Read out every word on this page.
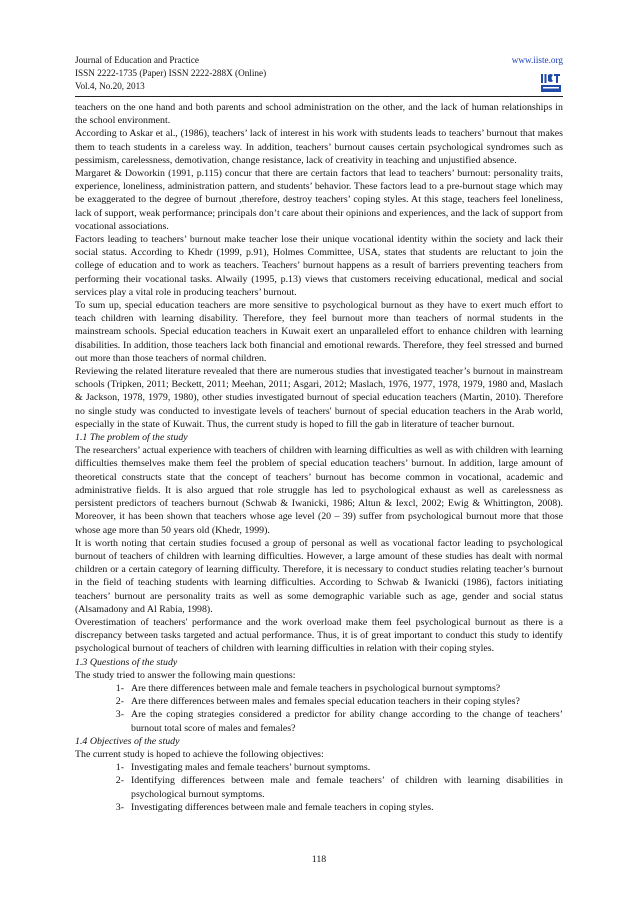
Journal of Education and Practice
ISSN 2222-1735 (Paper) ISSN 2222-288X (Online)
Vol.4, No.20, 2013
www.iiste.org

teachers on the one hand and both parents and school administration on the other, and the lack of human relationships in the school environment.

According to Askar et al., (1986), teachers’ lack of interest in his work with students leads to teachers’ burnout that makes them to teach students in a careless way. In addition, teachers’ burnout causes certain psychological syndromes such as pessimism, carelessness, demotivation, change resistance, lack of creativity in teaching and unjustified absence.

Margaret & Doworkin (1991, p.115) concur that there are certain factors that lead to teachers’ burnout: personality traits, experience, loneliness, administration pattern, and students’ behavior. These factors lead to a pre-burnout stage which may be exaggerated to the degree of burnout ,therefore, destroy teachers’ coping styles. At this stage, teachers feel loneliness, lack of support, weak performance; principals don’t care about their opinions and experiences, and the lack of support from vocational associations.

Factors leading to teachers’ burnout make teacher lose their unique vocational identity within the society and lack their social status. According to Khedr (1999, p.91), Holmes Committee, USA, states that students are reluctant to join the college of education and to work as teachers. Teachers’ burnout happens as a result of barriers preventing teachers from performing their vocational tasks. Alwaily (1995, p.13) views that customers receiving educational, medical and social services play a vital role in producing teachers’ burnout.

To sum up, special education teachers are more sensitive to psychological burnout as they have to exert much effort to teach children with learning disability. Therefore, they feel burnout more than teachers of normal students in the mainstream schools. Special education teachers in Kuwait exert an unparalleled effort to enhance children with learning disabilities. In addition, those teachers lack both financial and emotional rewards. Therefore, they feel stressed and burned out more than those teachers of normal children.

Reviewing the related literature revealed that there are numerous studies that investigated teacher’s burnout in mainstream schools (Tripken, 2011; Beckett, 2011; Meehan, 2011; Asgari, 2012; Maslach, 1976, 1977, 1978, 1979, 1980 and, Maslach & Jackson, 1978, 1979, 1980), other studies investigated burnout of special education teachers (Martin, 2010). Therefore no single study was conducted to investigate levels of teachers' burnout of special education teachers in the Arab world, especially in the state of Kuwait. Thus, the current study is hoped to fill the gab in literature of teacher burnout.

1.1 The problem of the study

The researchers’ actual experience with teachers of children with learning difficulties as well as with children with learning difficulties themselves make them feel the problem of special education teachers’ burnout. In addition, large amount of theoretical constructs state that the concept of teachers’ burnout has become common in vocational, academic and administrative fields. It is also argued that role struggle has led to psychological exhaust as well as carelessness as persistent predictors of teachers burnout (Schwab & Iwanicki, 1986; Altun & Iexcl, 2002; Ewig & Whittington, 2008). Moreover, it has been shown that teachers whose age level (20 – 39) suffer from psychological burnout more that those whose age more than 50 years old (Khedr, 1999).

It is worth noting that certain studies focused a group of personal as well as vocational factor leading to psychological burnout of teachers of children with learning difficulties. However, a large amount of these studies has dealt with normal children or a certain category of learning difficulty. Therefore, it is necessary to conduct studies relating teacher’s burnout in the field of teaching students with learning difficulties. According to Schwab & Iwanicki (1986), factors initiating teachers’ burnout are personality traits as well as some demographic variable such as age, gender and social status (Alsamadony and Al Rabia, 1998).

Overestimation of teachers' performance and the work overload make them feel psychological burnout as there is a discrepancy between tasks targeted and actual performance. Thus, it is of great important to conduct this study to identify psychological burnout of teachers of children with learning difficulties in relation with their coping styles.

1.3 Questions of the study

The study tried to answer the following main questions:

1- Are there differences between male and female teachers in psychological burnout symptoms?
2- Are there differences between males and females special education teachers in their coping styles?
3- Are the coping strategies considered a predictor for ability change according to the change of teachers’ burnout total score of males and females?

1.4 Objectives of the study

The current study is hoped to achieve the following objectives:

1- Investigating males and female teachers’ burnout symptoms.
2- Identifying differences between male and female teachers’ of children with learning disabilities in psychological burnout symptoms.
3- Investigating differences between male and female teachers in coping styles.
118
